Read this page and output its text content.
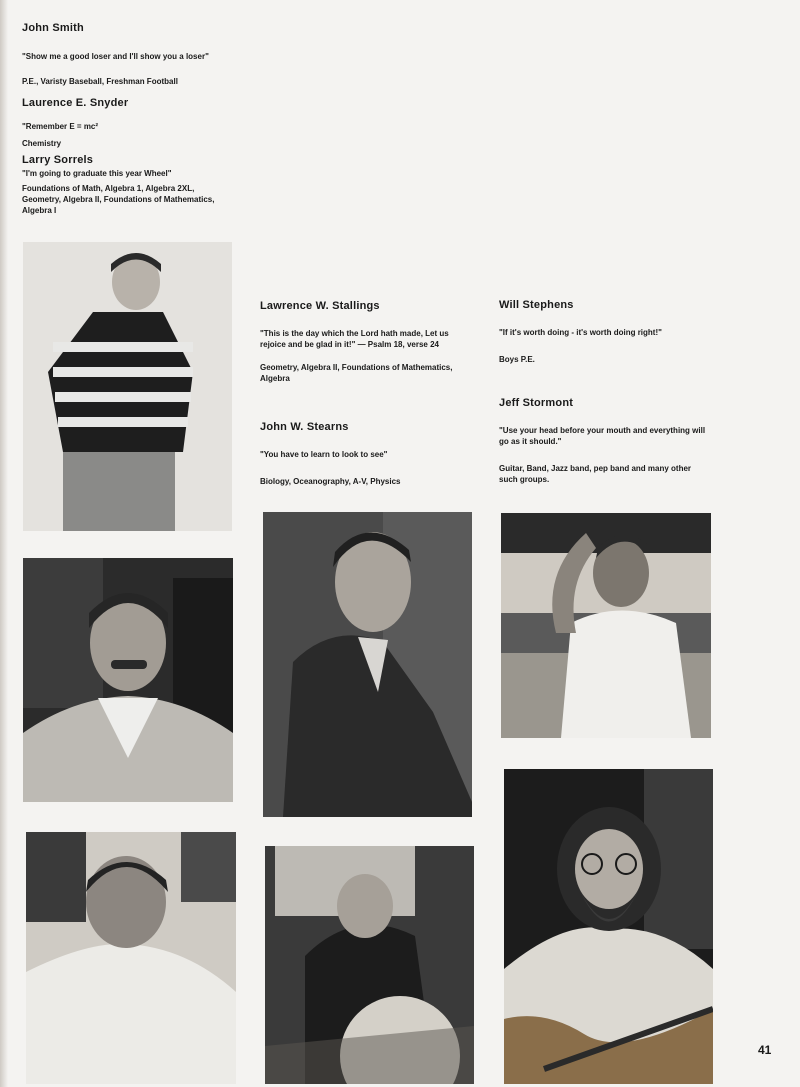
John Smith
"Show me a good loser and I'll show you a loser"
P.E., Varisty Baseball, Freshman Football
Laurence E. Snyder
"Remember E = mc²
Chemistry
Larry Sorrels
"I'm going to graduate this year Wheel"
Foundations of Math, Algebra 1, Algebra 2XL, Geometry, Algebra II, Foundations of Mathematics, Algebra I
Lawrence W. Stallings
"This is the day which the Lord hath made, Let us rejoice and be glad in it!" — Psalm 18, verse 24
Geometry, Algebra II, Foundations of Mathematics, Algebra
John W. Stearns
"You have to learn to look to see"
Biology, Oceanography, A-V, Physics
Will Stephens
"If it's worth doing - it's worth doing right!"
Boys P.E.
Jeff Stormont
"Use your head before your mouth and everything will go as it should."
Guitar, Band, Jazz band, pep band and many other such groups.
41
